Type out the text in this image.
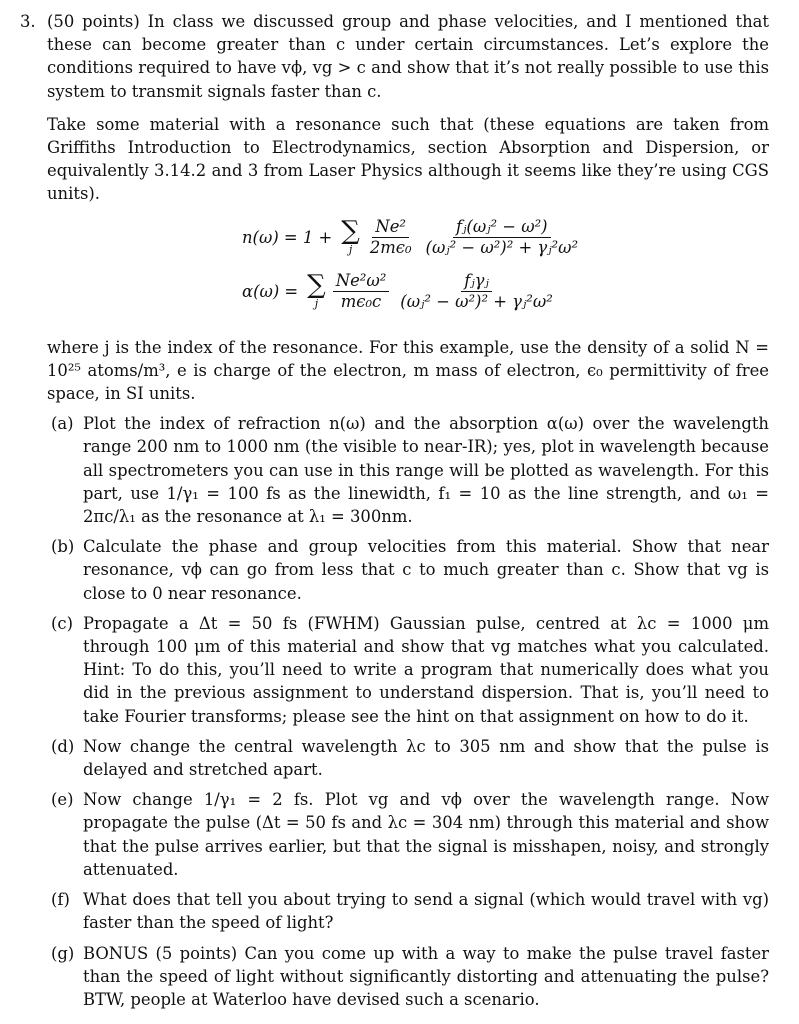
3. (50 points) In class we discussed group and phase velocities, and I mentioned that these can become greater than c under certain circumstances. Let’s explore the conditions required to have vϕ, vg > c and show that it’s not really possible to use this system to transmit signals faster than c.

Take some material with a resonance such that (these equations are taken from Griffiths Introduction to Electrodynamics, section Absorption and Dispersion, or equivalently 3.14.2 and 3 from Laser Physics although it seems like they’re using CGS units).

n(ω) = 1 + ∑
j $\frac{\text{Ne²}}{\text{2mϵ₀}} \frac{\text{fⱼ(ωⱼ² − ω²)}}{\text{(ωⱼ² − ω²)² + γⱼ²ω²}}$
α(ω) = ∑
j $\frac{\text{Ne²ω²}}{\text{mϵ₀c}} \frac{\text{fⱼγⱼ}}{\text{(ωⱼ² − ω²)² + γⱼ²ω²}}$

where j is the index of the resonance. For this example, use the density of a solid N = 10²⁵ atoms/m³, e is charge of the electron, m mass of electron, ϵ₀ permittivity of free space, in SI units.

(a) Plot the index of refraction n(ω) and the absorption α(ω) over the wavelength range 200 nm to 1000 nm (the visible to near-IR); yes, plot in wavelength because all spectrometers you can use in this range will be plotted as wavelength. For this part, use 1/γ₁ = 100 fs as the linewidth, f₁ = 10 as the line strength, and ω₁ = 2πc/λ₁ as the resonance at λ₁ = 300nm.

(b) Calculate the phase and group velocities from this material. Show that near resonance, vϕ can go from less that c to much greater than c. Show that vg is close to 0 near resonance.

(c) Propagate a Δt = 50 fs (FWHM) Gaussian pulse, centred at λc = 1000 μm through 100 μm of this material and show that vg matches what you calculated. Hint: To do this, you’ll need to write a program that numerically does what you did in the previous assignment to understand dispersion. That is, you’ll need to take Fourier transforms; please see the hint on that assignment on how to do it.

(d) Now change the central wavelength λc to 305 nm and show that the pulse is delayed and stretched apart.

(e) Now change 1/γ₁ = 2 fs. Plot vg and vϕ over the wavelength range. Now propagate the pulse (Δt = 50 fs and λc = 304 nm) through this material and show that the pulse arrives earlier, but that the signal is misshapen, noisy, and strongly attenuated.

(f) What does that tell you about trying to send a signal (which would travel with vg) faster than the speed of light?

(g) BONUS (5 points) Can you come up with a way to make the pulse travel faster than the speed of light without significantly distorting and attenuating the pulse? BTW, people at Waterloo have devised such a scenario.
